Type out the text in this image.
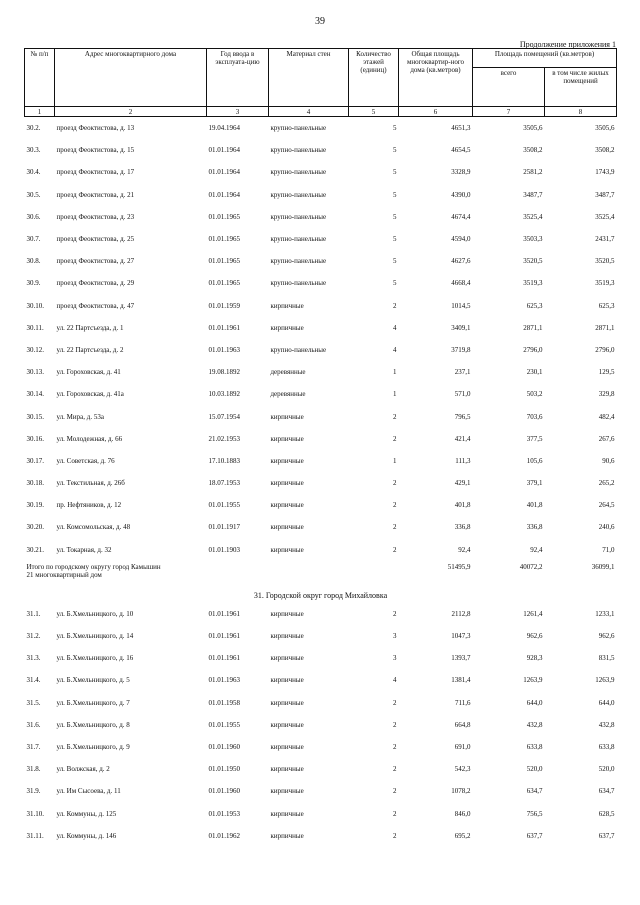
39
Продолжение приложения 1
№ п/п	Адрес многоквартирного дома	Год ввода в эксплуата-цию	Материал стен	Количество этажей (единиц)	Общая площадь многоквартир-ного дома (кв.метров)	Площадь помещений (кв.метров)	
						всего	в том числе жилых помещений
1	2	3	4	5	6	7	8
30.2.	проезд Феоктистова, д. 13	19.04.1964	крупно-панельные	5	4651,3	3505,6	3505,6
30.3.	проезд Феоктистова, д. 15	01.01.1964	крупно-панельные	5	4654,5	3508,2	3508,2
30.4.	проезд Феоктистова, д. 17	01.01.1964	крупно-панельные	5	3328,9	2581,2	1743,9
30.5.	проезд Феоктистова, д. 21	01.01.1964	крупно-панельные	5	4390,0	3487,7	3487,7
30.6.	проезд Феоктистова, д. 23	01.01.1965	крупно-панельные	5	4674,4	3525,4	3525,4
30.7.	проезд Феоктистова, д. 25	01.01.1965	крупно-панельные	5	4594,0	3503,3	2431,7
30.8.	проезд Феоктистова, д. 27	01.01.1965	крупно-панельные	5	4627,6	3520,5	3520,5
30.9.	проезд Феоктистова, д. 29	01.01.1965	крупно-панельные	5	4668,4	3519,3	3519,3
30.10.	проезд Феоктистова, д. 47	01.01.1959	кирпичные	2	1014,5	625,3	625,3
30.11.	ул. 22 Партсъезда, д. 1	01.01.1961	кирпичные	4	3409,1	2871,1	2871,1
30.12.	ул. 22 Партсъезда, д. 2	01.01.1963	крупно-панельные	4	3719,8	2796,0	2796,0
30.13.	ул. Гороховская, д. 41	19.08.1892	деревянные	1	237,1	230,1	129,5
30.14.	ул. Гороховская, д. 41а	10.03.1892	деревянные	1	571,0	503,2	329,8
30.15.	ул. Мира, д. 53а	15.07.1954	кирпичные	2	796,5	703,6	482,4
30.16.	ул. Молодежная, д. 66	21.02.1953	кирпичные	2	421,4	377,5	267,6
30.17.	ул. Советская, д. 76	17.10.1883	кирпичные	1	111,3	105,6	90,6
30.18.	ул. Текстильная, д. 26б	18.07.1953	кирпичные	2	429,1	379,1	265,2
30.19.	пр. Нефтяников, д. 12	01.01.1955	кирпичные	2	401,8	401,8	264,5
30.20.	ул. Комсомольская, д. 48	01.01.1917	кирпичные	2	336,8	336,8	240,6
30.21.	ул. Токарная, д. 32	01.01.1903	кирпичные	2	92,4	92,4	71,0

Итого по городскому округу город Камышин
21 многоквартирный дом					51495,9	40072,2	36099,1
31. Городской округ город Михайловка							
31.1.	ул. Б.Хмельницкого, д. 10	01.01.1961	кирпичные	2	2112,8	1261,4	1233,1
31.2.	ул. Б.Хмельницкого, д. 14	01.01.1961	кирпичные	3	1047,3	962,6	962,6
31.3.	ул. Б.Хмельницкого, д. 16	01.01.1961	кирпичные	3	1393,7	928,3	831,5
31.4.	ул. Б.Хмельницкого, д. 5	01.01.1963	кирпичные	4	1381,4	1263,9	1263,9
31.5.	ул. Б.Хмельницкого, д. 7	01.01.1958	кирпичные	2	711,6	644,0	644,0
31.6.	ул. Б.Хмельницкого, д. 8	01.01.1955	кирпичные	2	664,8	432,8	432,8
31.7.	ул. Б.Хмельницкого, д. 9	01.01.1960	кирпичные	2	691,0	633,8	633,8
31.8.	ул. Волжская, д. 2	01.01.1950	кирпичные	2	542,3	520,0	520,0
31.9.	ул. Им Сысоева, д. 11	01.01.1960	кирпичные	2	1078,2	634,7	634,7
31.10.	ул. Коммуны, д. 125	01.01.1953	кирпичные	2	846,0	756,5	628,5
31.11.	ул. Коммуны, д. 146	01.01.1962	кирпичные	2	695,2	637,7	637,7
